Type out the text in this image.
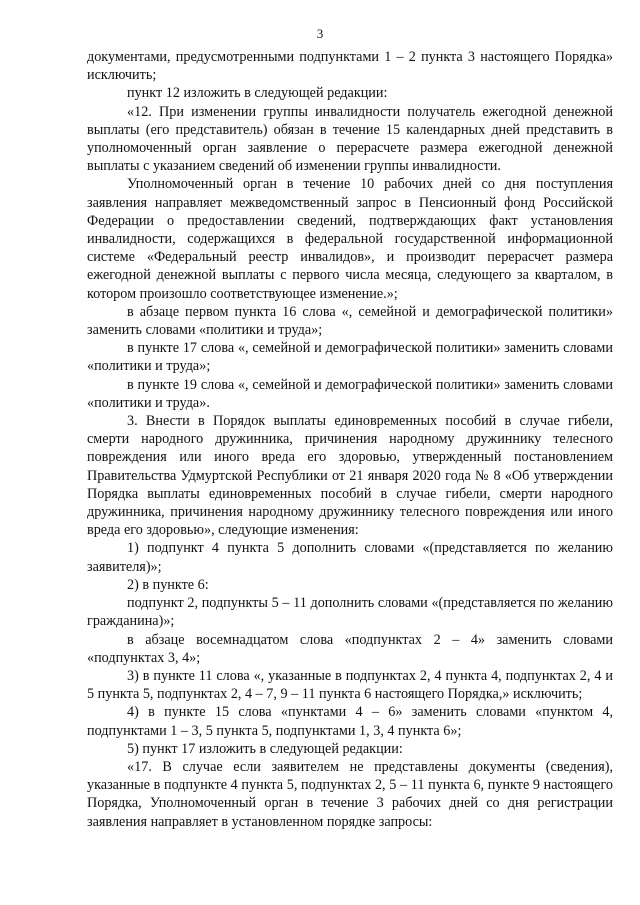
3

документами, предусмотренными подпунктами 1 – 2 пункта 3 настоящего Порядка» исключить;

пункт 12 изложить в следующей редакции:

«12. При изменении группы инвалидности получатель ежегодной денежной выплаты (его представитель) обязан в течение 15 календарных дней представить в уполномоченный орган заявление о перерасчете размера ежегодной денежной выплаты с указанием сведений об изменении группы инвалидности.

Уполномоченный орган в течение 10 рабочих дней со дня поступления заявления направляет межведомственный запрос в Пенсионный фонд Российской Федерации о предоставлении сведений, подтверждающих факт установления инвалидности, содержащихся в федеральной государственной информационной системе «Федеральный реестр инвалидов», и производит перерасчет размера ежегодной денежной выплаты с первого числа месяца, следующего за кварталом, в котором произошло соответствующее изменение.»;

в абзаце первом пункта 16 слова «, семейной и демографической политики» заменить словами «политики и труда»;

в пункте 17 слова «, семейной и демографической политики» заменить словами «политики и труда»;

в пункте 19 слова «, семейной и демографической политики» заменить словами «политики и труда».

3. Внести в Порядок выплаты единовременных пособий в случае гибели, смерти народного дружинника, причинения народному дружиннику телесного повреждения или иного вреда его здоровью, утвержденный постановлением Правительства Удмуртской Республики от 21 января 2020 года № 8 «Об утверждении Порядка выплаты единовременных пособий в случае гибели, смерти народного дружинника, причинения народному дружиннику телесного повреждения или иного вреда его здоровью», следующие изменения:

1) подпункт 4 пункта 5 дополнить словами «(представляется по желанию заявителя)»;

2) в пункте 6:

подпункт 2, подпункты 5 – 11 дополнить словами «(представляется по желанию гражданина)»;

в абзаце восемнадцатом слова «подпунктах 2 – 4» заменить словами «подпунктах 3, 4»;

3) в пункте 11 слова «, указанные в подпунктах 2, 4 пункта 4, подпунктах 2, 4 и 5 пункта 5, подпунктах 2, 4 – 7, 9 – 11 пункта 6 настоящего Порядка,» исключить;

4) в пункте 15 слова «пунктами 4 – 6» заменить словами «пунктом 4, подпунктами 1 – 3, 5 пункта 5, подпунктами 1, 3, 4 пункта 6»;

5) пункт 17 изложить в следующей редакции:

«17. В случае если заявителем не представлены документы (сведения), указанные в подпункте 4 пункта 5, подпунктах 2, 5 – 11 пункта 6, пункте 9 настоящего Порядка, Уполномоченный орган в течение 3 рабочих дней со дня регистрации заявления направляет в установленном порядке запросы:
